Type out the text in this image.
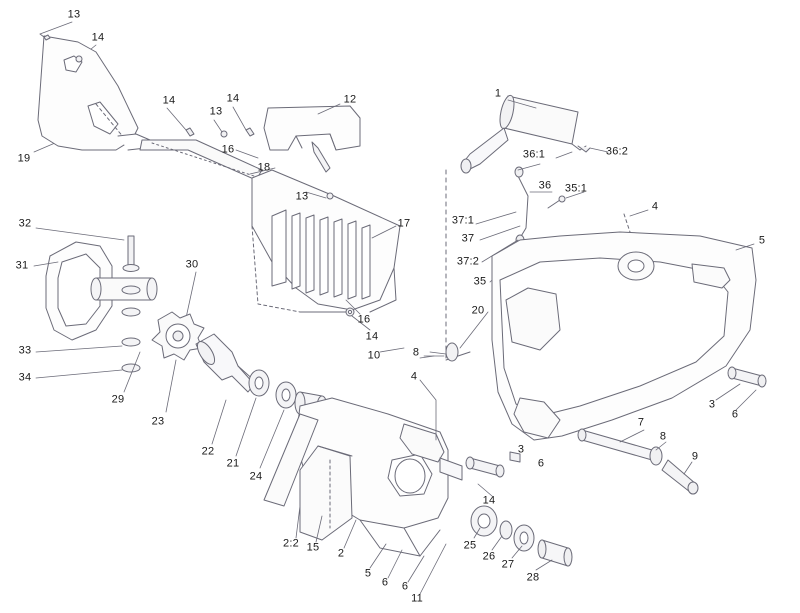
13
14
19
14
13
14	12
16
18
13
17
32
31	30
33
34
29
23
22
21
24
16
14
10	8
4
2:2 15 2
5
6 6
11
14
3
6
25
26
27
28
1
36:1	36:2
36 35:1
37:1
37
37:2
35
20
4
5
3
6
7
8
9
